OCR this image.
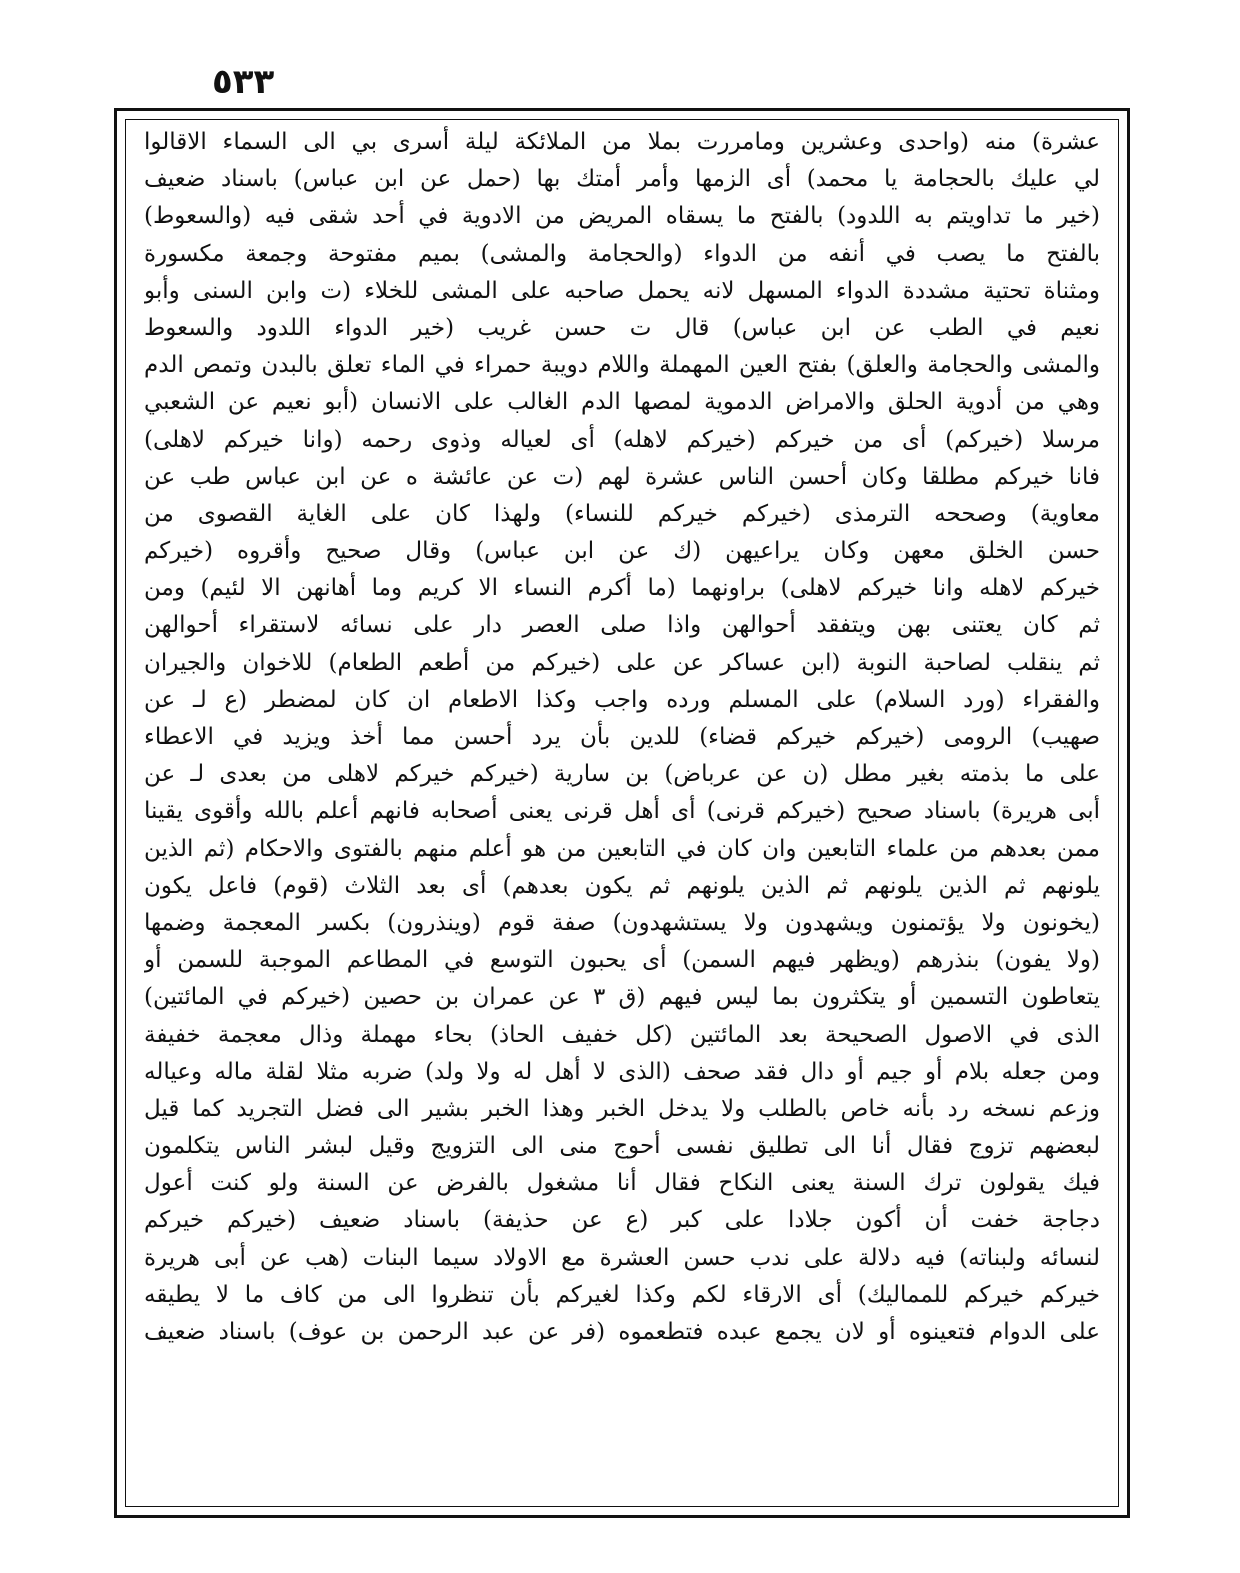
٥٣٣
عشرة) منه (واحدى وعشرين ومامررت بملا من الملائكة ليلة أسرى بي الى السماء الاقالوا
لي عليك بالحجامة يا محمد) أى الزمها وأمر أمتك بها (حمل عن ابن عباس) باسناد ضعيف
(خير ما تداويتم به اللدود) بالفتح ما يسقاه المريض من الادوية في أحد شقى فيه (والسعوط)
بالفتح ما يصب في أنفه من الدواء (والحجامة والمشى) بميم مفتوحة وجمعة مكسورة
ومثناة تحتية مشددة الدواء المسهل لانه يحمل صاحبه على المشى للخلاء (ت وابن السنى وأبو
نعيم في الطب عن ابن عباس) قال ت حسن غريب (خير الدواء اللدود والسعوط
والمشى والحجامة والعلق) بفتح العين المهملة واللام دويبة حمراء في الماء تعلق بالبدن وتمص الدم
وهي من أدوية الحلق والامراض الدموية لمصها الدم الغالب على الانسان (أبو نعيم عن الشعبي
مرسلا (خيركم) أى من خيركم (خيركم لاهله) أى لعياله وذوى رحمه (وانا خيركم لاهلى)
فانا خيركم مطلقا وكان أحسن الناس عشرة لهم (ت عن عائشة ه عن ابن عباس طب عن
معاوية) وصححه الترمذى (خيركم خيركم للنساء) ولهذا كان على الغاية القصوى من
حسن الخلق معهن وكان يراعيهن (ك عن ابن عباس) وقال صحيح وأقروه (خيركم
خيركم لاهله وانا خيركم لاهلى) براونهما (ما أكرم النساء الا كريم وما أهانهن الا لئيم) ومن
ثم كان يعتنى بهن ويتفقد أحوالهن واذا صلى العصر دار على نسائه لاستقراء أحوالهن
ثم ينقلب لصاحبة النوبة (ابن عساكر عن على (خيركم من أطعم الطعام) للاخوان والجيران
والفقراء (ورد السلام) على المسلم ورده واجب وكذا الاطعام ان كان لمضطر (ع لـ عن
صهيب) الرومى (خيركم خيركم قضاء) للدين بأن يرد أحسن مما أخذ ويزيد في الاعطاء
على ما بذمته بغير مطل (ن عن عرباض) بن سارية (خيركم خيركم لاهلى من بعدى لـ عن
أبى هريرة) باسناد صحيح (خيركم قرنى) أى أهل قرنى يعنى أصحابه فانهم أعلم بالله وأقوى يقينا
ممن بعدهم من علماء التابعين وان كان في التابعين من هو أعلم منهم بالفتوى والاحكام (ثم الذين
يلونهم ثم الذين يلونهم ثم الذين يلونهم ثم يكون بعدهم) أى بعد الثلاث (قوم) فاعل يكون
(يخونون ولا يؤتمنون ويشهدون ولا يستشهدون) صفة قوم (وينذرون) بكسر المعجمة وضمها
(ولا يفون) بنذرهم (ويظهر فيهم السمن) أى يحبون التوسع في المطاعم الموجبة للسمن أو
يتعاطون التسمين أو يتكثرون بما ليس فيهم (ق ٣ عن عمران بن حصين (خيركم في المائتين)
الذى في الاصول الصحيحة بعد المائتين (كل خفيف الحاذ) بحاء مهملة وذال معجمة خفيفة
ومن جعله بلام أو جيم أو دال فقد صحف (الذى لا أهل له ولا ولد) ضربه مثلا لقلة ماله وعياله
وزعم نسخه رد بأنه خاص بالطلب ولا يدخل الخبر وهذا الخبر بشير الى فضل التجريد كما قيل
لبعضهم تزوج فقال أنا الى تطليق نفسى أحوج منى الى التزويج وقيل لبشر الناس يتكلمون
فيك يقولون ترك السنة يعنى النكاح فقال أنا مشغول بالفرض عن السنة ولو كنت أعول
دجاجة خفت أن أكون جلادا على كبر (ع عن حذيفة) باسناد ضعيف (خيركم خيركم
لنسائه ولبناته) فيه دلالة على ندب حسن العشرة مع الاولاد سيما البنات (هب عن أبى هريرة
خيركم خيركم للمماليك) أى الارقاء لكم وكذا لغيركم بأن تنظروا الى من كاف ما لا يطيقه
على الدوام فتعينوه أو لان يجمع عبده فتطعموه (فر عن عبد الرحمن بن عوف) باسناد ضعيف
